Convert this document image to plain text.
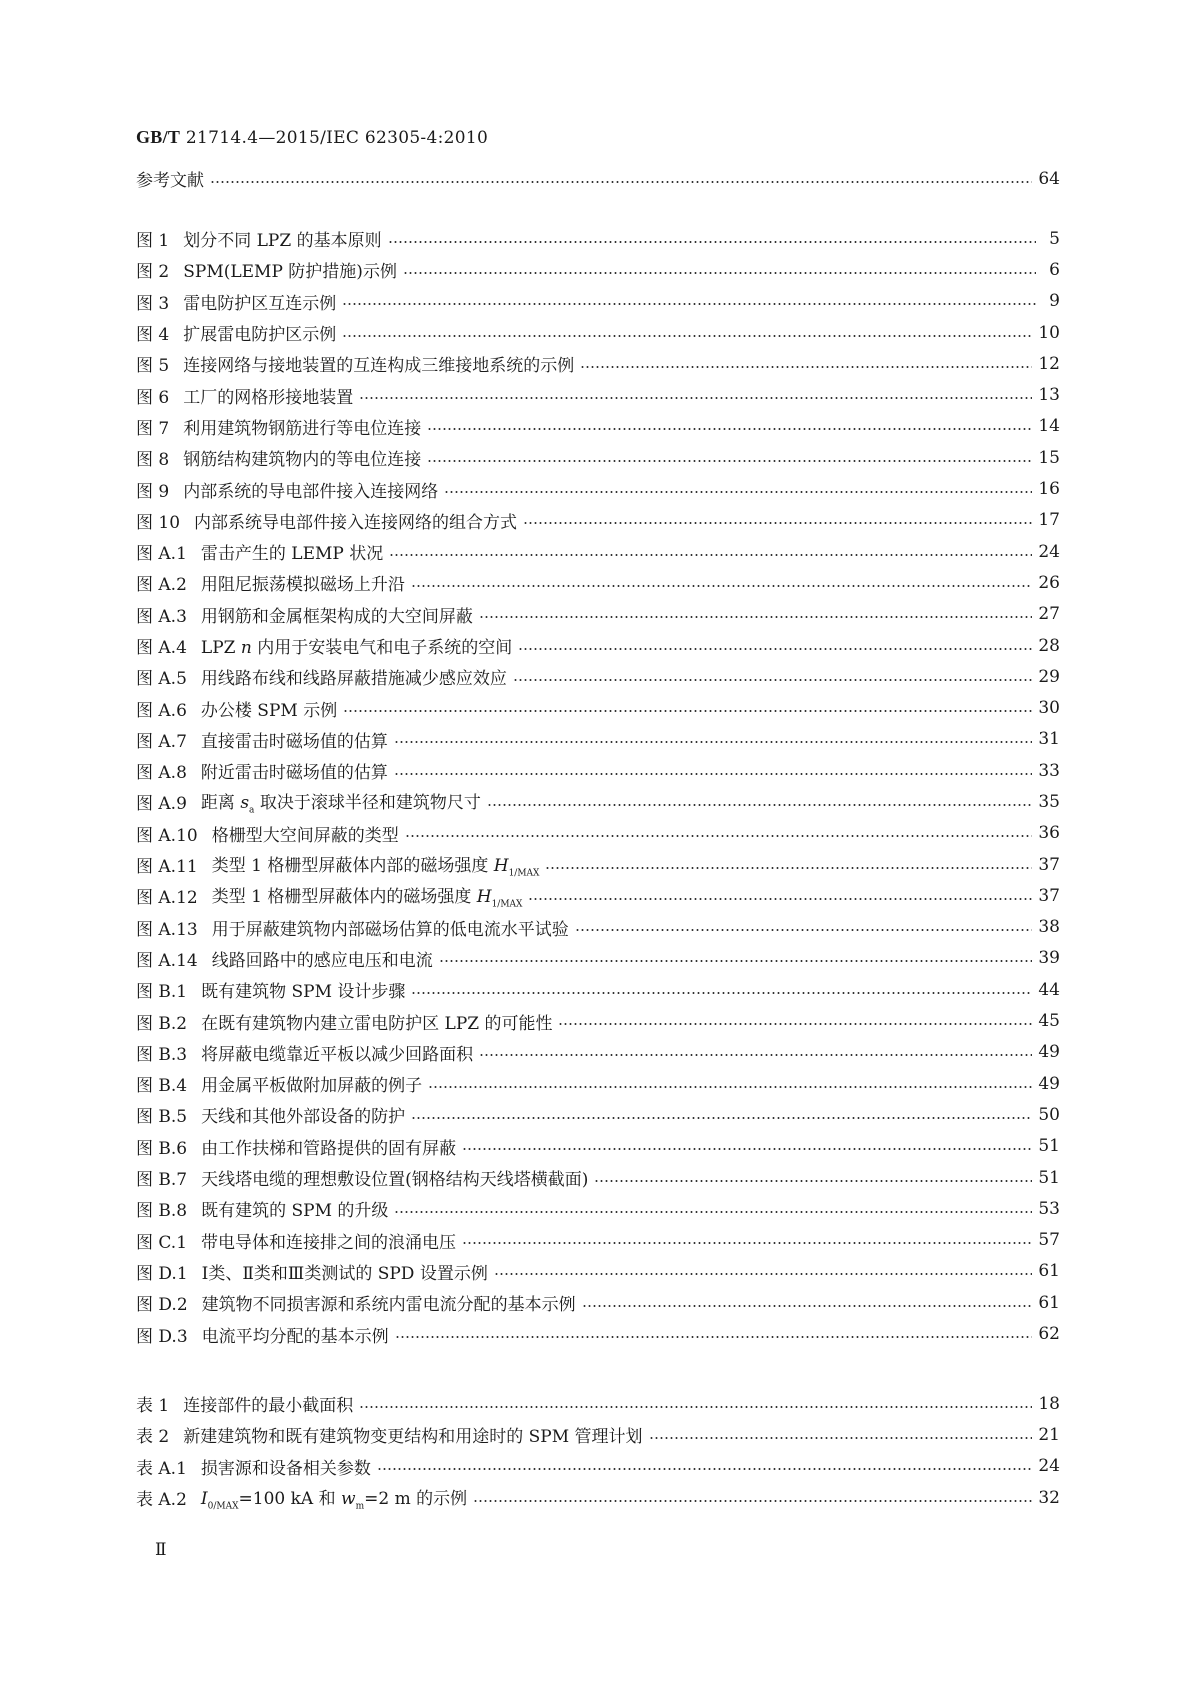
GB/T 21714.4—2015/IEC 62305-4:2010
参考文献	64
图 1 划分不同 LPZ 的基本原则	5
图 2 SPM(LEMP 防护措施)示例	6
图 3 雷电防护区互连示例	9
图 4 扩展雷电防护区示例	10
图 5 连接网络与接地装置的互连构成三维接地系统的示例	12
图 6 工厂的网格形接地装置	13
图 7 利用建筑物钢筋进行等电位连接	14
图 8 钢筋结构建筑物内的等电位连接	15
图 9 内部系统的导电部件接入连接网络	16
图 10 内部系统导电部件接入连接网络的组合方式	17
图 A.1 雷击产生的 LEMP 状况	24
图 A.2 用阻尼振荡模拟磁场上升沿	26
图 A.3 用钢筋和金属框架构成的大空间屏蔽	27
图 A.4 LPZ n 内用于安装电气和电子系统的空间	28
图 A.5 用线路布线和线路屏蔽措施减少感应效应	29
图 A.6 办公楼 SPM 示例	30
图 A.7 直接雷击时磁场值的估算	31
图 A.8 附近雷击时磁场值的估算	33
图 A.9 距离 $s_a$ 取决于滚球半径和建筑物尺寸	35
图 A.10 格栅型大空间屏蔽的类型	36
图 A.11 类型 1 格栅型屏蔽体内部的磁场强度 $H_{1/MAX}$	37
图 A.12 类型 1 格栅型屏蔽体内的磁场强度 $H_{1/MAX}$	37
图 A.13 用于屏蔽建筑物内部磁场估算的低电流水平试验	38
图 A.14 线路回路中的感应电压和电流	39
图 B.1 既有建筑物 SPM 设计步骤	44
图 B.2 在既有建筑物内建立雷电防护区 LPZ 的可能性	45
图 B.3 将屏蔽电缆靠近平板以减少回路面积	49
图 B.4 用金属平板做附加屏蔽的例子	49
图 B.5 天线和其他外部设备的防护	50
图 B.6 由工作扶梯和管路提供的固有屏蔽	51
图 B.7 天线塔电缆的理想敷设位置(钢格结构天线塔横截面)	51
图 B.8 既有建筑的 SPM 的升级	53
图 C.1 带电导体和连接排之间的浪涌电压	57
图 D.1 Ⅰ类、Ⅱ类和Ⅲ类测试的 SPD 设置示例	61
图 D.2 建筑物不同损害源和系统内雷电流分配的基本示例	61
图 D.3 电流平均分配的基本示例	62
表 1 连接部件的最小截面积	18
表 2 新建建筑物和既有建筑物变更结构和用途时的 SPM 管理计划	21
表 A.1 损害源和设备相关参数	24
表 A.2 $I_{0/MAX}=100$ kA 和 $w_m=2$ m 的示例	32
Ⅱ
